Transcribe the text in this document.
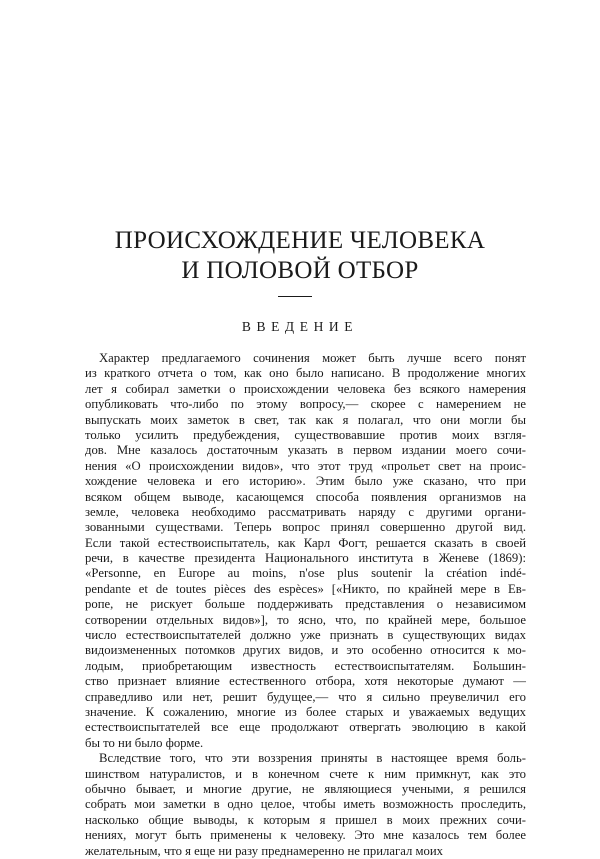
ПРОИСХОЖДЕНИЕ ЧЕЛОВЕКА
И ПОЛОВОЙ ОТБОР
ВВЕДЕНИЕ
Характер предлагаемого сочинения может быть лучше всего понят
из краткого отчета о том, как оно было написано. В продолжение многих
лет я собирал заметки о происхождении человека без всякого намерения
опубликовать что-либо по этому вопросу,— скорее с намерением не
выпускать моих заметок в свет, так как я полагал, что они могли бы
только усилить предубеждения, существовавшие против моих взгля-
дов. Мне казалось достаточным указать в первом издании моего сочи-
нения «О происхождении видов», что этот труд «прольет свет на проис-
хождение человека и его историю». Этим было уже сказано, что при
всяком общем выводе, касающемся способа появления организмов на
земле, человека необходимо рассматривать наряду с другими органи-
зованными существами. Теперь вопрос принял совершенно другой вид.
Если такой естествоиспытатель, как Карл Фогт, решается сказать в своей
речи, в качестве президента Национального института в Женеве (1869):
«Personne, en Europe au moins, n'ose plus soutenir la création indé-
pendante et de toutes pièces des espèces» [«Никто, по крайней мере в Ев-
ропе, не рискует больше поддерживать представления о независимом
сотворении отдельных видов»], то ясно, что, по крайней мере, большое
число естествоиспытателей должно уже признать в существующих видах
видоизмененных потомков других видов, и это особенно относится к мо-
лодым, приобретающим известность естествоиспытателям. Большин-
ство признает влияние естественного отбора, хотя некоторые думают —
справедливо или нет, решит будущее,— что я сильно преувеличил его
значение. К сожалению, многие из более старых и уважаемых ведущих
естествоиспытателей все еще продолжают отвергать эволюцию в какой
бы то ни было форме.
Вследствие того, что эти воззрения приняты в настоящее время боль-
шинством натуралистов, и в конечном счете к ним примкнут, как это
обычно бывает, и многие другие, не являющиеся учеными, я решился
собрать мои заметки в одно целое, чтобы иметь возможность проследить,
насколько общие выводы, к которым я пришел в моих прежних сочи-
нениях, могут быть применены к человеку. Это мне казалось тем более
желательным, что я еще ни разу преднамеренно не прилагал моих
